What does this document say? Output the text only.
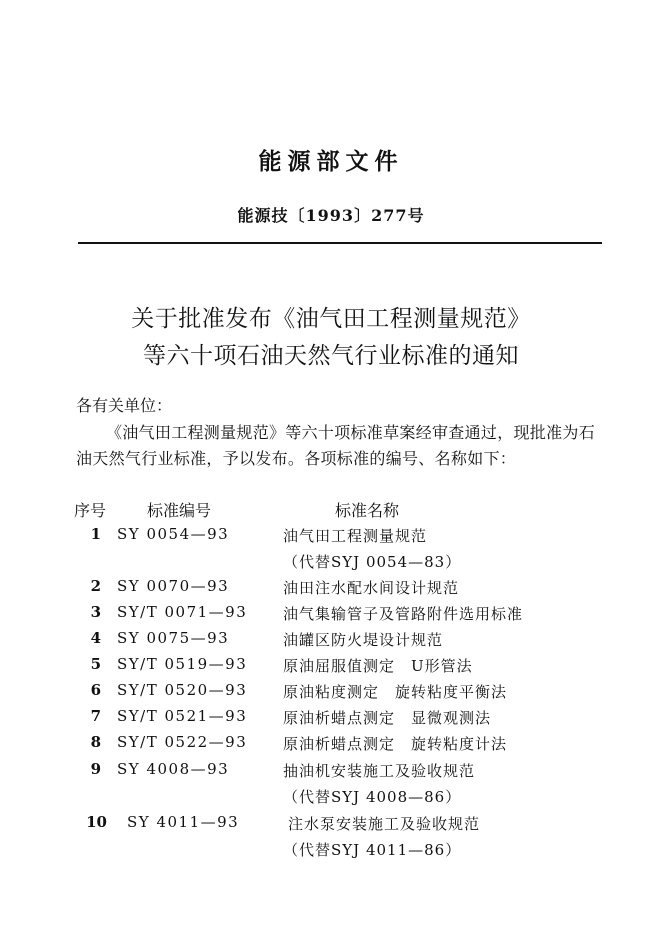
能源部文件
能源技〔1993〕277号
关于批准发布《油气田工程测量规范》
等六十项石油天然气行业标准的通知
各有关单位：
《油气田工程测量规范》等六十项标准草案经审查通过，现批准为石油天然气行业标准，予以发布。各项标准的编号、名称如下：
序号	标准编号	标准名称
1 SY 0054—93	油气田工程测量规范
（代替SYJ 0054—83）
2 SY 0070—93	油田注水配水间设计规范
3 SY/T 0071—93 油气集输管子及管路附件选用标准
4 SY 0075—93	油罐区防火堤设计规范
5 SY/T 0519—93 原油屈服值测定　U形管法
6 SY/T 0520—93 原油粘度测定　旋转粘度平衡法
7 SY/T 0521—93 原油析蜡点测定　显微观测法
8 SY/T 0522—93 原油析蜡点测定　旋转粘度计法
9 SY 4008—93	抽油机安装施工及验收规范
（代替SYJ 4008—86）
10 SY 4011—93	注水泵安装施工及验收规范
（代替SYJ 4011—86）
